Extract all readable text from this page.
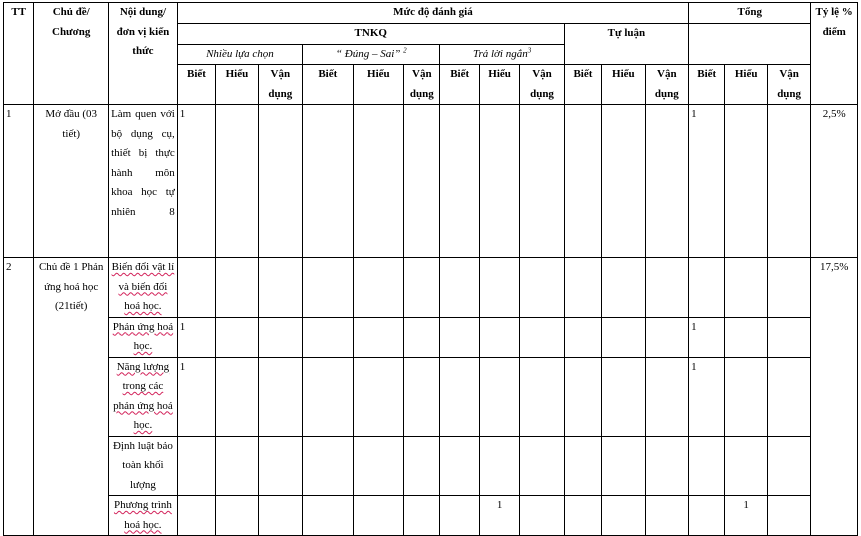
TT	Chủ đề/ Chương	Nội dung/đơn vị kiến thức	Mức độ đánh giá												Tổng			Tỷ lệ % điểm
			TNKQ									Tự luận						
			Nhiều lựa chọn			“ Đúng – Sai” $^2$			Trả lời ngắn$^3$
			Biết	Hiểu	Vận dụng	Biết	Hiểu	Vận dụng	Biết	Hiểu	Vận dụng	Biết	Hiểu	Vận dụng	Biết	Hiểu	Vận dụng	

1	Mở đầu (03 tiết)	Làm quen với bộ dụng cụ, thiết bị thực hành môn khoa học tự nhiên 8	1												1			2,5%
2	Chủ đề 1 Phản ứng hoá học (21tiết)	Biến đổi vật lí và biến đổi hoá học.																17,5%
		Phản ứng hoá học.	1												1			
		Năng lượng trong các phản ứng hoá học.	1												1			
		Định luật bảo toàn khối lượng																
		Phương trình hoá học.								1						1		
